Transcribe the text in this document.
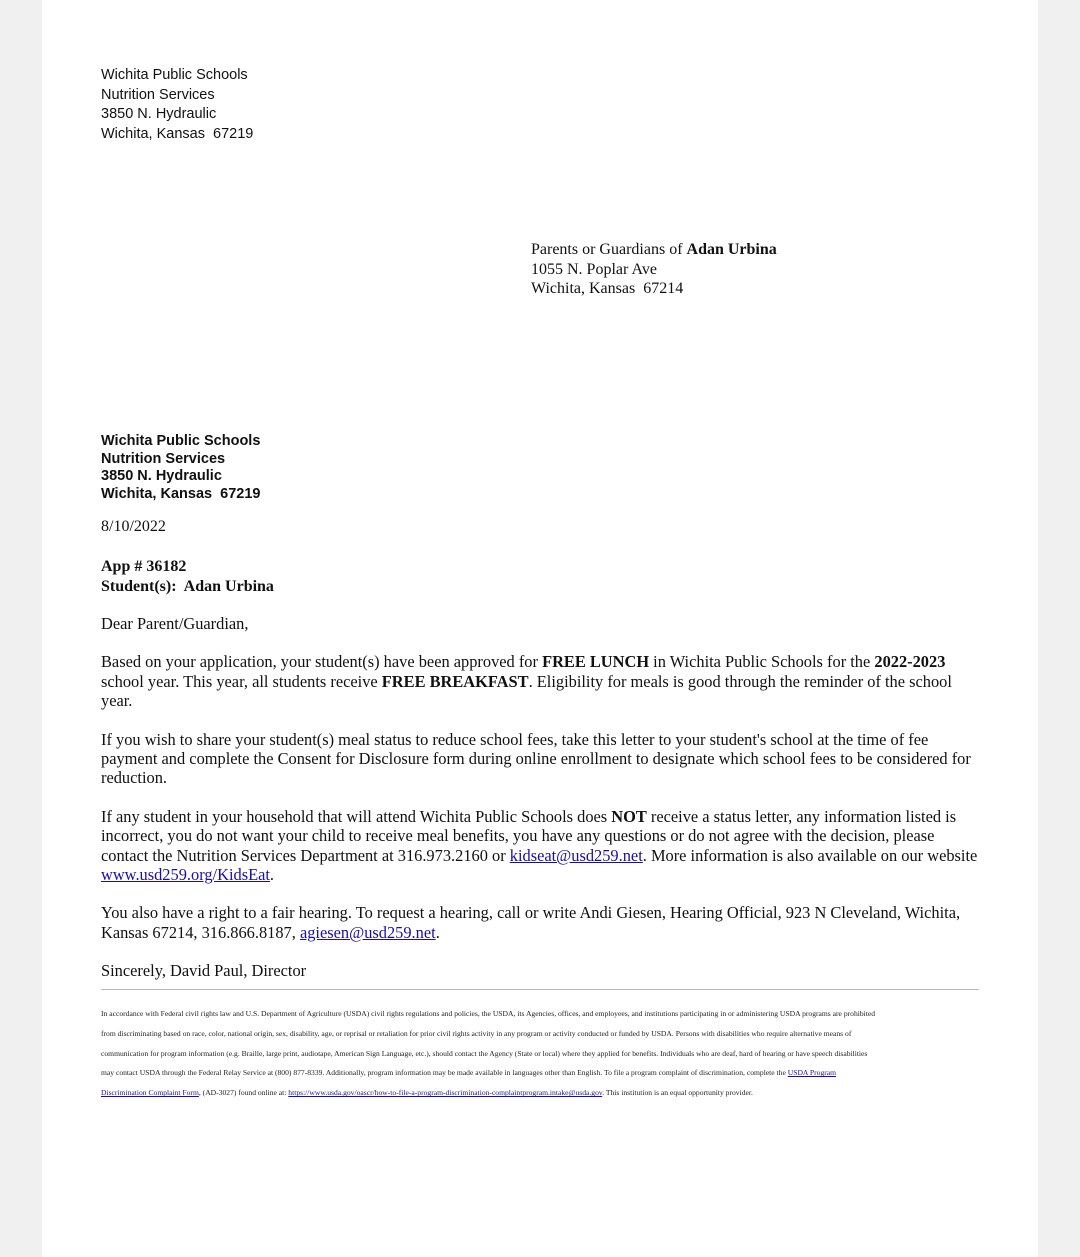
Wichita Public Schools
Nutrition Services
3850 N. Hydraulic
Wichita, Kansas  67219
Parents or Guardians of Adan Urbina
1055 N. Poplar Ave
Wichita, Kansas  67214
Wichita Public Schools
Nutrition Services
3850 N. Hydraulic
Wichita, Kansas  67219
8/10/2022
App # 36182
Student(s):  Adan Urbina

Dear Parent/Guardian,

Based on your application, your student(s) have been approved for FREE LUNCH in Wichita Public Schools for the 2022-2023 school year. This year, all students receive FREE BREAKFAST. Eligibility for meals is good through the reminder of the school year.

If you wish to share your student(s) meal status to reduce school fees, take this letter to your student's school at the time of fee payment and complete the Consent for Disclosure form during online enrollment to designate which school fees to be considered for reduction.

If any student in your household that will attend Wichita Public Schools does NOT receive a status letter, any information listed is incorrect, you do not want your child to receive meal benefits, you have any questions or do not agree with the decision, please contact the Nutrition Services Department at 316.973.2160 or kidseat@usd259.net. More information is also available on our website www.usd259.org/KidsEat.

You also have a right to a fair hearing. To request a hearing, call or write Andi Giesen, Hearing Official, 923 N Cleveland, Wichita, Kansas 67214, 316.866.8187, agiesen@usd259.net.

Sincerely, David Paul, Director

In accordance with Federal civil rights law and U.S. Department of Agriculture (USDA) civil rights regulations and policies, the USDA, its Agencies, offices, and employees, and institutions participating in or administering USDA programs are prohibited
from discriminating based on race, color, national origin, sex, disability, age, or reprisal or retaliation for prior civil rights activity in any program or activity conducted or funded by USDA. Persons with disabilities who require alternative means of
communication for program information (e.g. Braille, large print, audiotape, American Sign Language, etc.), should contact the Agency (State or local) where they applied for benefits. Individuals who are deaf, hard of hearing or have speech disabilities
may contact USDA through the Federal Relay Service at (800) 877-8339. Additionally, program information may be made available in languages other than English. To file a program complaint of discrimination, complete the USDA Program
Discrimination Complaint Form, (AD-3027) found online at: https://www.usda.gov/oascr/how-to-file-a-program-discrimination-complaintprogram.intake@usda.gov. This institution is an equal opportunity provider.
